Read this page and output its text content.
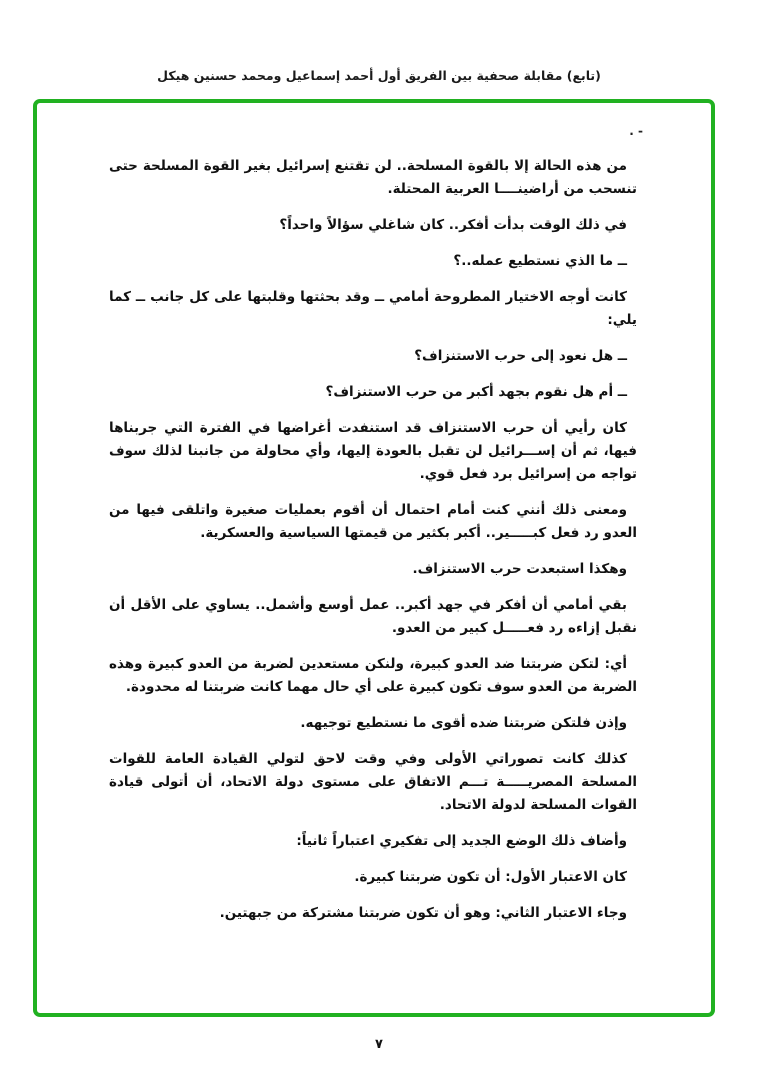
(تابع) مقابلة صحفية بين الفريق أول أحمد إسماعيل ومحمد حسنين هيكل
- .

من هذه الحالة إلا بالقوة المسلحة.. لن تقتنع إسرائيل بغير القوة المسلحة حتى تنسحب من أراضينــــا العربية المحتلة.

في ذلك الوقت بدأت أفكر.. كان شاغلي سؤالاً واحداً؟

ــ ما الذي نستطيع عمله..؟

كانت أوجه الاختيار المطروحة أمامي ــ وقد بحثتها وقلبتها على كل جانب ــ كما يلي:

ــ هل نعود إلى حرب الاستنزاف؟

ــ أم هل نقوم بجهد أكبر من حرب الاستنزاف؟

كان رأيي أن حرب الاستنزاف قد استنفدت أغراضها في الفترة التي جربناها فيها، ثم أن إســـرائيل لن تقبل بالعودة إليها، وأي محاولة من جانبنا لذلك سوف تواجه من إسرائيل برد فعل قوي.

ومعنى ذلك أنني كنت أمام احتمال أن أقوم بعمليات صغيرة واتلقى فيها من العدو رد فعل كبـــــير.. أكبر بكثير من قيمتها السياسية والعسكرية.

وهكذا استبعدت حرب الاستنزاف.

بقي أمامي أن أفكر في جهد أكبر.. عمل أوسع وأشمل.. يساوي على الأقل أن نقبل إزاءه رد فعـــــل كبير من العدو.

أي: لتكن ضربتنا ضد العدو كبيرة، ولنكن مستعدين لضربة من العدو كبيرة وهذه الضربة من العدو سوف تكون كبيرة على أي حال مهما كانت ضربتنا له محدودة.

وإذن فلتكن ضربتنا ضده أقوى ما نستطيع توجيهه.

كذلك كانت تصوراتي الأولى وفي وقت لاحق لتولي القيادة العامة للقوات المسلحة المصريـــــة تـــم الاتفاق على مستوى دولة الاتحاد، أن أتولى قيادة القوات المسلحة لدولة الاتحاد.

وأضاف ذلك الوضع الجديد إلى تفكيري اعتباراً ثانياً:

كان الاعتبار الأول: أن تكون ضربتنا كبيرة.

وجاء الاعتبار الثاني: وهو أن تكون ضربتنا مشتركة من جبهتين.

٧
